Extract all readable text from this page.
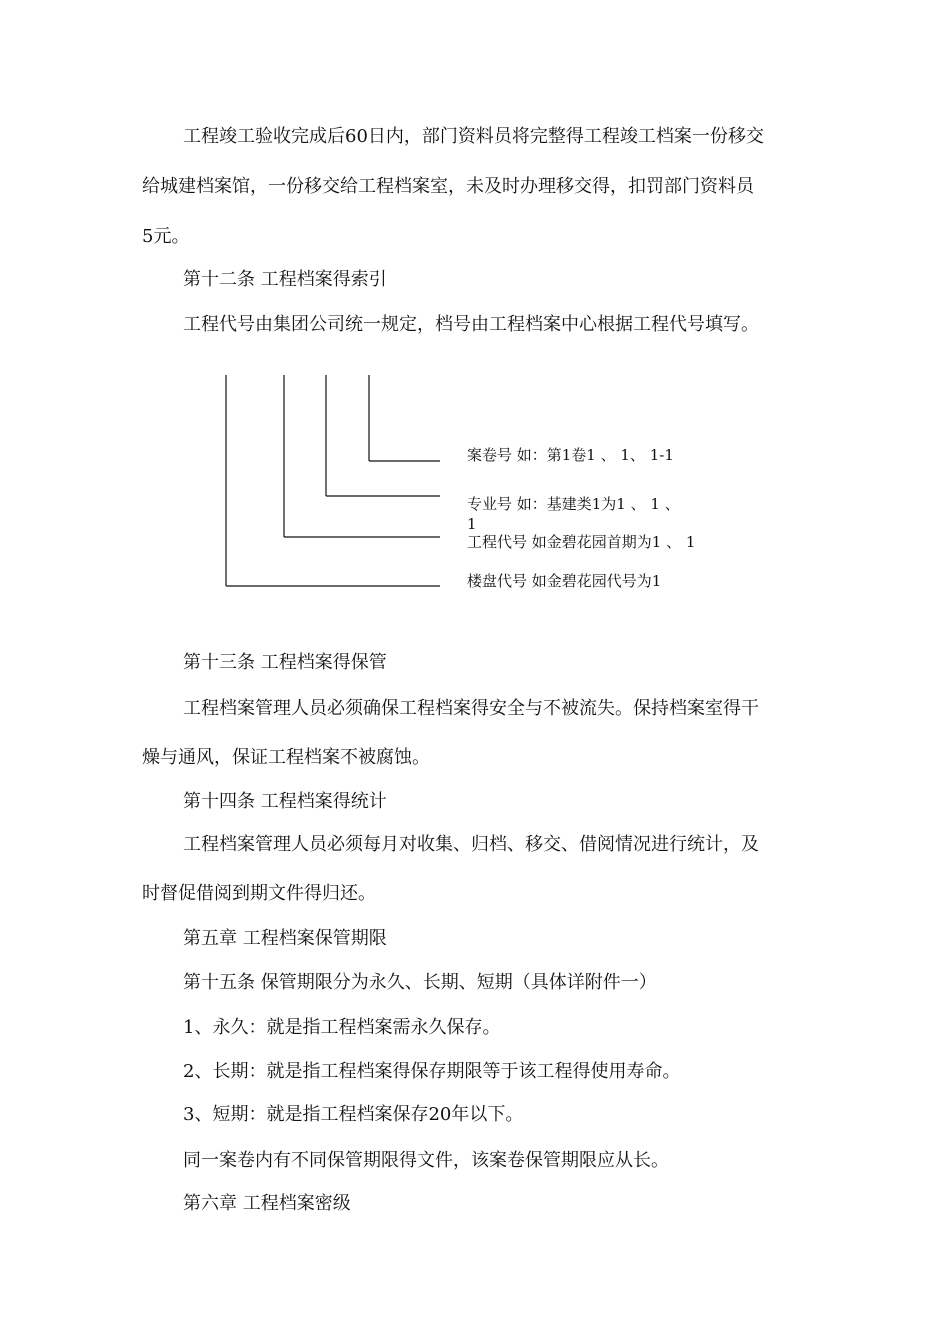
工程竣工验收完成后60日内，部门资料员将完整得工程竣工档案一份移交
给城建档案馆，一份移交给工程档案室，未及时办理移交得，扣罚部门资料员
5元。
第十二条 工程档案得索引
工程代号由集团公司统一规定，档号由工程档案中心根据工程代号填写。
案卷号 如：第1卷1 、 1、 1-1
专业号 如：基建类1为1 、 1 、
1
工程代号 如金碧花园首期为1 、 1
楼盘代号 如金碧花园代号为1
第十三条 工程档案得保管
工程档案管理人员必须确保工程档案得安全与不被流失。保持档案室得干
燥与通风，保证工程档案不被腐蚀。
第十四条 工程档案得统计
工程档案管理人员必须每月对收集、归档、移交、借阅情况进行统计，及
时督促借阅到期文件得归还。
第五章 工程档案保管期限
第十五条 保管期限分为永久、长期、短期（具体详附件一）
1、永久：就是指工程档案需永久保存。
2、长期：就是指工程档案得保存期限等于该工程得使用寿命。
3、短期：就是指工程档案保存20年以下。
同一案卷内有不同保管期限得文件，该案卷保管期限应从长。
第六章 工程档案密级
